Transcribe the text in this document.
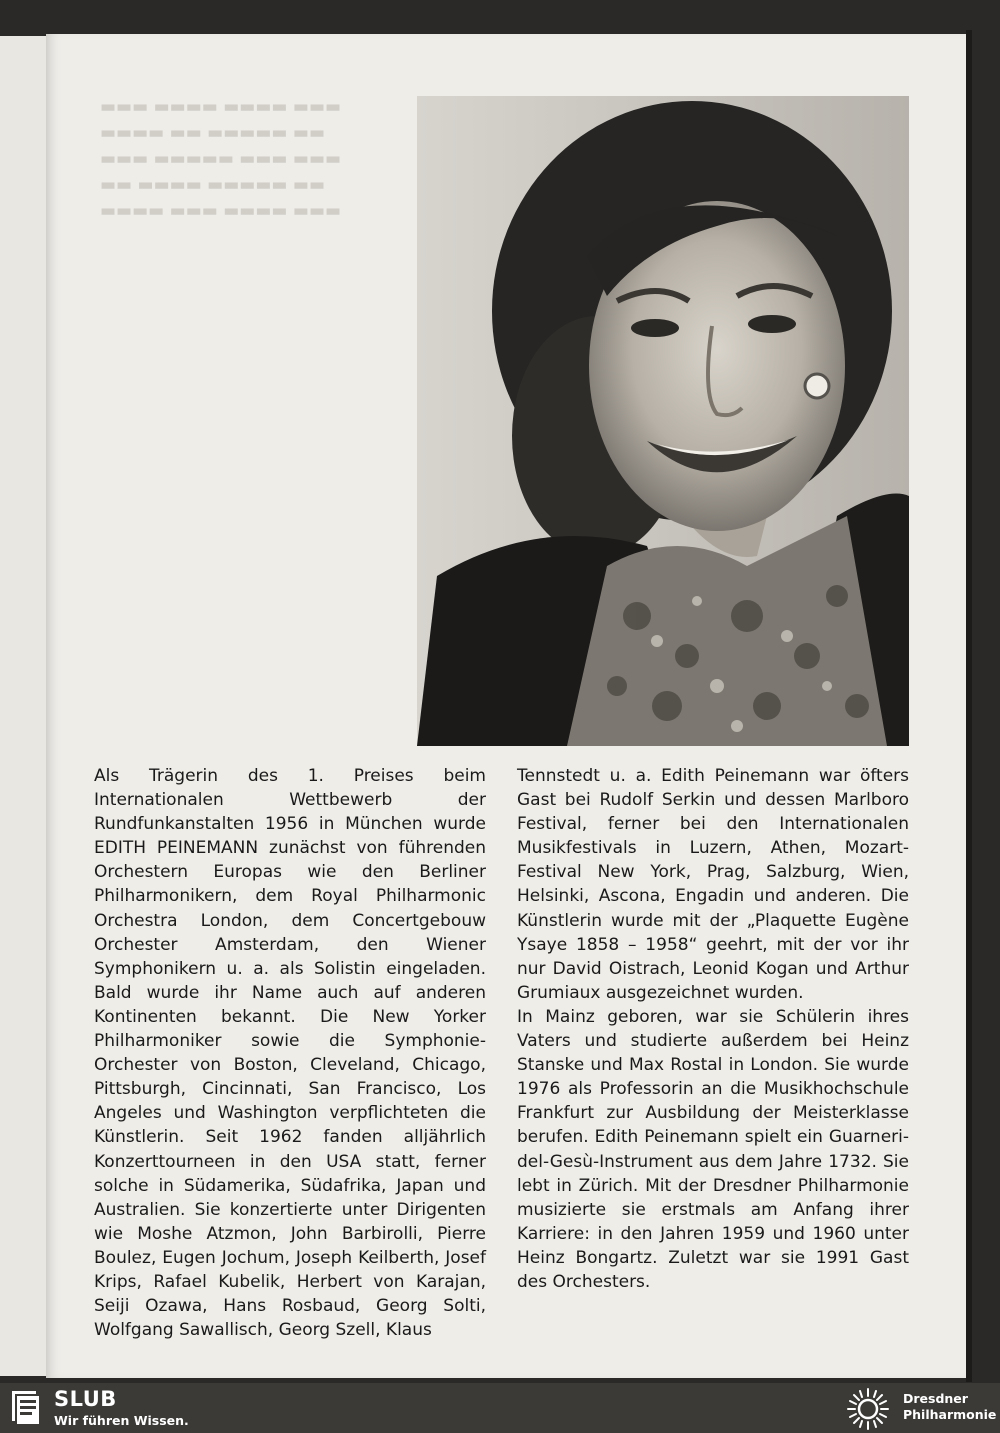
▬▬▬ ▬▬▬▬ ▬▬▬▬ ▬▬▬
▬▬▬▬ ▬▬ ▬▬▬▬▬ ▬▬
▬▬▬ ▬▬▬▬▬ ▬▬▬ ▬▬▬
▬▬ ▬▬▬▬ ▬▬▬▬▬ ▬▬
▬▬▬▬ ▬▬▬ ▬▬▬▬ ▬▬▬

Als Trägerin des 1. Preises beim Internationalen Wettbewerb der Rundfunkanstalten 1956 in München wurde EDITH PEINEMANN zunächst von führenden Orchestern Europas wie den Berliner Philharmonikern, dem Royal Philharmonic Orchestra London, dem Concertgebouw Orchester Amsterdam, den Wiener Symphonikern u. a. als Solistin eingeladen. Bald wurde ihr Name auch auf anderen Kontinenten bekannt. Die New Yorker Philharmoniker sowie die Symphonie-Orchester von Boston, Cleveland, Chicago, Pittsburgh, Cincinnati, San Francisco, Los Angeles und Washington verpflichteten die Künstlerin. Seit 1962 fanden alljährlich Konzerttourneen in den USA statt, ferner solche in Südamerika, Südafrika, Japan und Australien. Sie konzertierte unter Dirigenten wie Moshe Atzmon, John Barbirolli, Pierre Boulez, Eugen Jochum, Joseph Keilberth, Josef Krips, Rafael Kubelik, Herbert von Karajan, Seiji Ozawa, Hans Rosbaud, Georg Solti, Wolfgang Sawallisch, Georg Szell, Klaus

Tennstedt u. a. Edith Peinemann war öfters Gast bei Rudolf Serkin und dessen Marlboro Festival, ferner bei den Internationalen Musikfestivals in Luzern, Athen, Mozart-Festival New York, Prag, Salzburg, Wien, Helsinki, Ascona, Engadin und anderen. Die Künstlerin wurde mit der „Plaquette Eugène Ysaye 1858 – 1958“ geehrt, mit der vor ihr nur David Oistrach, Leonid Kogan und Arthur Grumiaux ausgezeichnet wurden.

In Mainz geboren, war sie Schülerin ihres Vaters und studierte außerdem bei Heinz Stanske und Max Rostal in London. Sie wurde 1976 als Professorin an die Musikhochschule Frankfurt zur Ausbildung der Meisterklasse berufen. Edith Peinemann spielt ein Guarneri-del-Gesù-Instrument aus dem Jahre 1732. Sie lebt in Zürich. Mit der Dresdner Philharmonie musizierte sie erstmals am Anfang ihrer Karriere: in den Jahren 1959 und 1960 unter Heinz Bongartz. Zuletzt war sie 1991 Gast des Orchesters.

SLUB
Wir führen Wissen.
Dresdner
Philharmonie
